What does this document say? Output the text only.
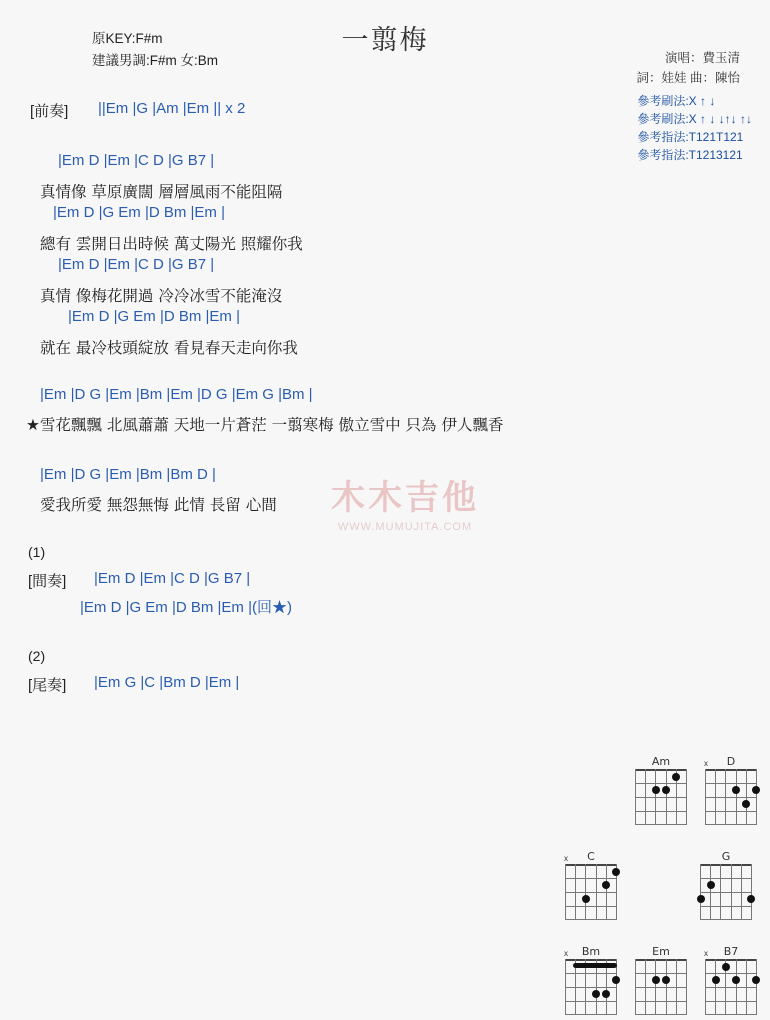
一翦梅
原KEY:F#m
建議男調:F#m 女:Bm	演唱：費玉清
詞：娃娃 曲：陳怡
參考刷法:X ↑ ↓
參考刷法:X ↑ ↓ ↓↑↓ ↑↓
參考指法:T121T121
參考指法:T1213121
[前奏] ||Em |G |Am |Em || x 2
|Em D |Em |C D |G B7 |
真情像 草原廣闊 層層風雨不能阻隔
|Em D |G Em |D Bm |Em |
總有 雲開日出時候 萬丈陽光 照耀你我
|Em D |Em |C D |G B7 |
真情 像梅花開過 冷冷冰雪不能淹沒
|Em D |G Em |D Bm |Em |
就在 最冷枝頭綻放 看見春天走向你我
|Em |D G |Em |Bm |Em |D G |Em G |Bm |
★雪花飄飄 北風蕭蕭 天地一片蒼茫 一翦寒梅 傲立雪中 只為 伊人飄香
|Em |D G |Em |Bm |Bm D |
愛我所愛 無怨無悔 此情 長留 心間
(1)
[間奏] |Em D |Em |C D |G B7 |
|Em D |G Em |D Bm |Em |(回★)
(2)
[尾奏] |Em G |C |Bm D |Em |
木木吉他
WWW.MUMUJITA.COM
Am	D
x
C
x	G
Bm
x	Em	B7
x
